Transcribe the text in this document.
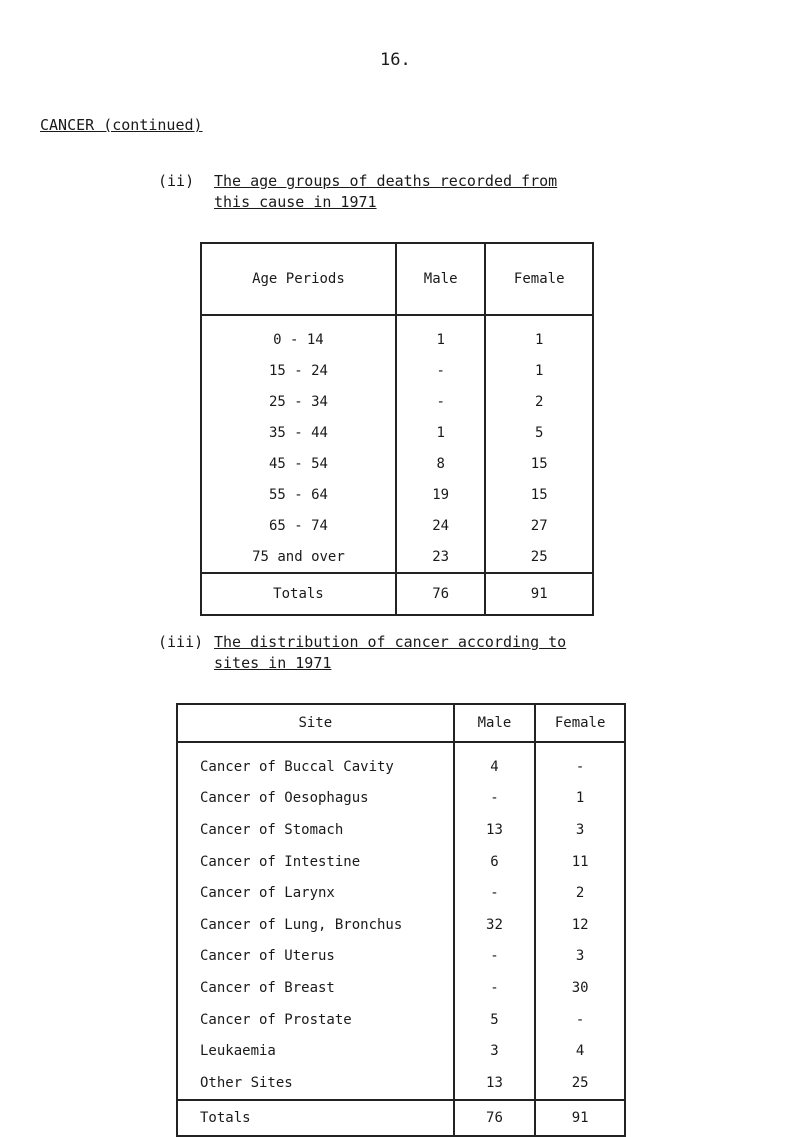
16.
CANCER (continued)
(ii) The age groups of deaths recorded from
this cause in 1971
Age Periods	Male	Female
0 - 14	1	1
15 - 24	-	1
25 - 34	-	2
35 - 44	1	5
45 - 54	8	15
55 - 64	19	15
65 - 74	24	27
75 and over	23	25
Totals	76	91
(iii) The distribution of cancer according to
sites in 1971
Site	Male	Female
Cancer of Buccal Cavity	4	-
Cancer of Oesophagus	-	1
Cancer of Stomach	13	3
Cancer of Intestine	6	11
Cancer of Larynx	-	2
Cancer of Lung, Bronchus	32	12
Cancer of Uterus	-	3
Cancer of Breast	-	30
Cancer of Prostate	5	-
Leukaemia	3	4
Other Sites	13	25
Totals	76	91
